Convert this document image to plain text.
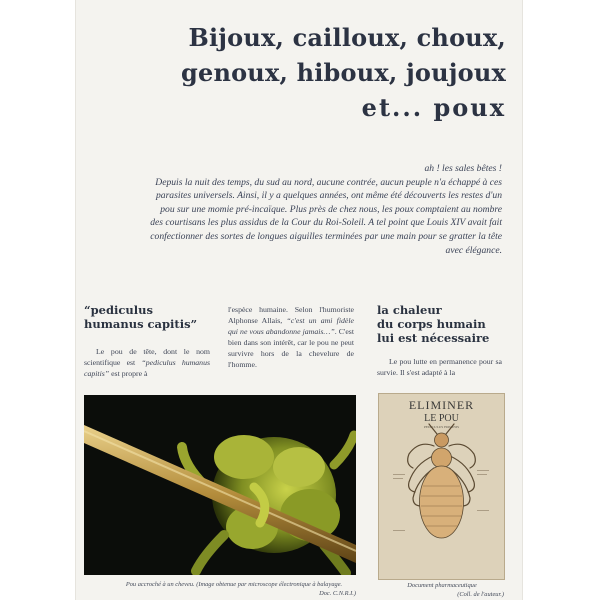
Bijoux, cailloux, choux,
genoux, hiboux, joujoux
et... poux

ah ! les sales bêtes !

Depuis la nuit des temps, du sud au nord, aucune contrée, aucun peuple n'a échappé à ces parasites universels. Ainsi, il y a quelques années, ont même été découverts les restes d'un pou sur une momie pré-incaïque. Plus près de chez nous, les poux comptaient au nombre des courtisans les plus assidus de la Cour du Roi-Soleil. A tel point que Louis XIV avait fait confectionner des sortes de longues aiguilles terminées par une main pour se gratter la tête avec élégance.

“pediculus
humanus capitis”
Le pou de tête, dont le nom scientifique est “pediculus humanus capitis” est propre à
l'espèce humaine. Selon l'humoriste Alphonse Allais, “c'est un ami fidèle qui ne vous abandonne jamais…”. C'est bien dans son intérêt, car le pou ne peut survivre hors de la chevelure de l'homme.
la chaleur
du corps humain
lui est nécessaire
Le pou lutte en permanence pour sa survie. Il s'est adapté à la
Pou accroché à un cheveu. (Image obtenue par microscope électronique à balayage.
Doc. C.N.R.I.)
ELIMINER
LE POU
PEDICULUS HOMINIS
Document pharmaceutique
(Coll. de l'auteur.)
